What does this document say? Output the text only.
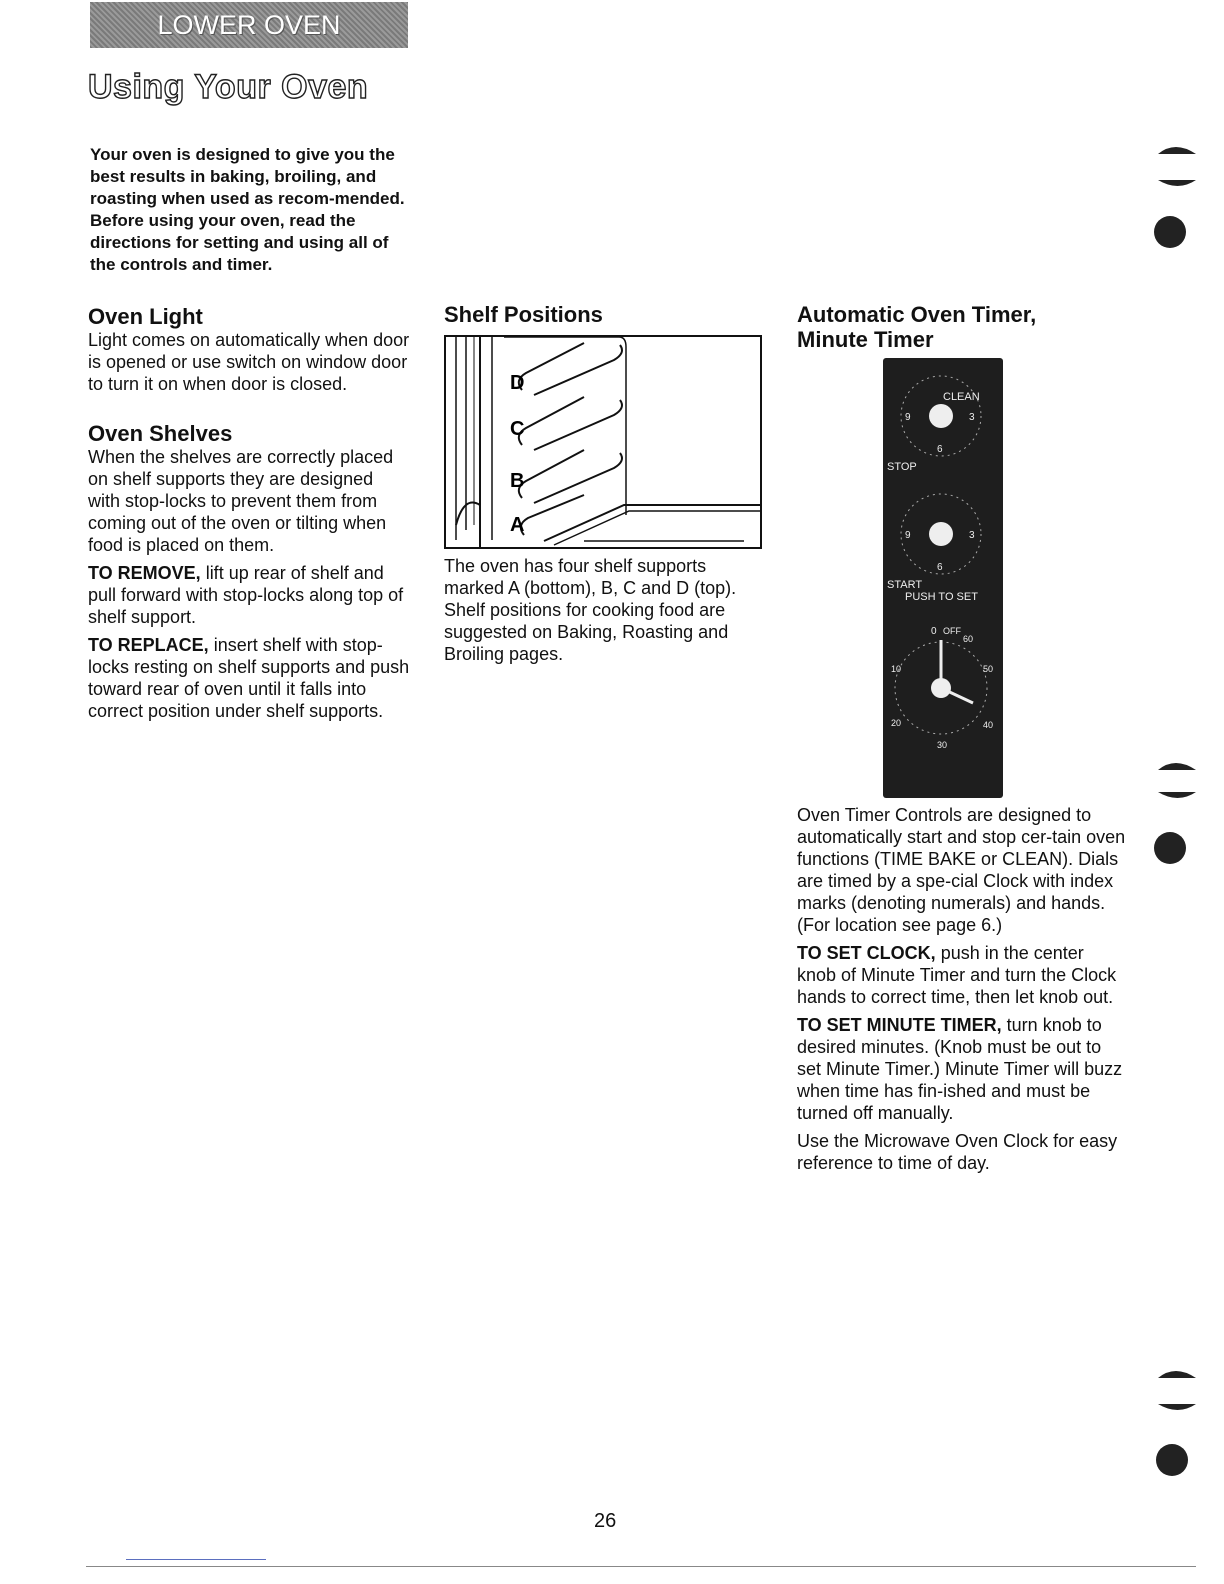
LOWER OVEN
Using Your Oven

Your oven is designed to give you the best results in baking, broiling, and roasting when used as recom-mended. Before using your oven, read the directions for setting and using all of the controls and timer.

Oven Light

Light comes on automatically when door is opened or use switch on window door to turn it on when door is closed.

Oven Shelves

When the shelves are correctly placed on shelf supports they are designed with stop-locks to prevent them from coming out of the oven or tilting when food is placed on them.

TO REMOVE, lift up rear of shelf and pull forward with stop-locks along top of shelf support.

TO REPLACE, insert shelf with stop-locks resting on shelf supports and push toward rear of oven until it falls into correct position under shelf supports.

Shelf Positions
D
C
B
A

The oven has four shelf supports marked A (bottom), B, C and D (top). Shelf positions for cooking food are suggested on Baking, Roasting and Broiling pages.

Automatic Oven Timer,
Minute Timer
CLEAN
9	3
6
STOP
9	3
6
START
PUSH TO SET
0 OFF
60
10	50
20	40
30

Oven Timer Controls are designed to automatically start and stop cer-tain oven functions (TIME BAKE or CLEAN). Dials are timed by a spe-cial Clock with index marks (denoting numerals) and hands. (For location see page 6.)

TO SET CLOCK, push in the center knob of Minute Timer and turn the Clock hands to correct time, then let knob out.

TO SET MINUTE TIMER, turn knob to desired minutes. (Knob must be out to set Minute Timer.) Minute Timer will buzz when time has fin-ished and must be turned off manually.

Use the Microwave Oven Clock for easy reference to time of day.

26
